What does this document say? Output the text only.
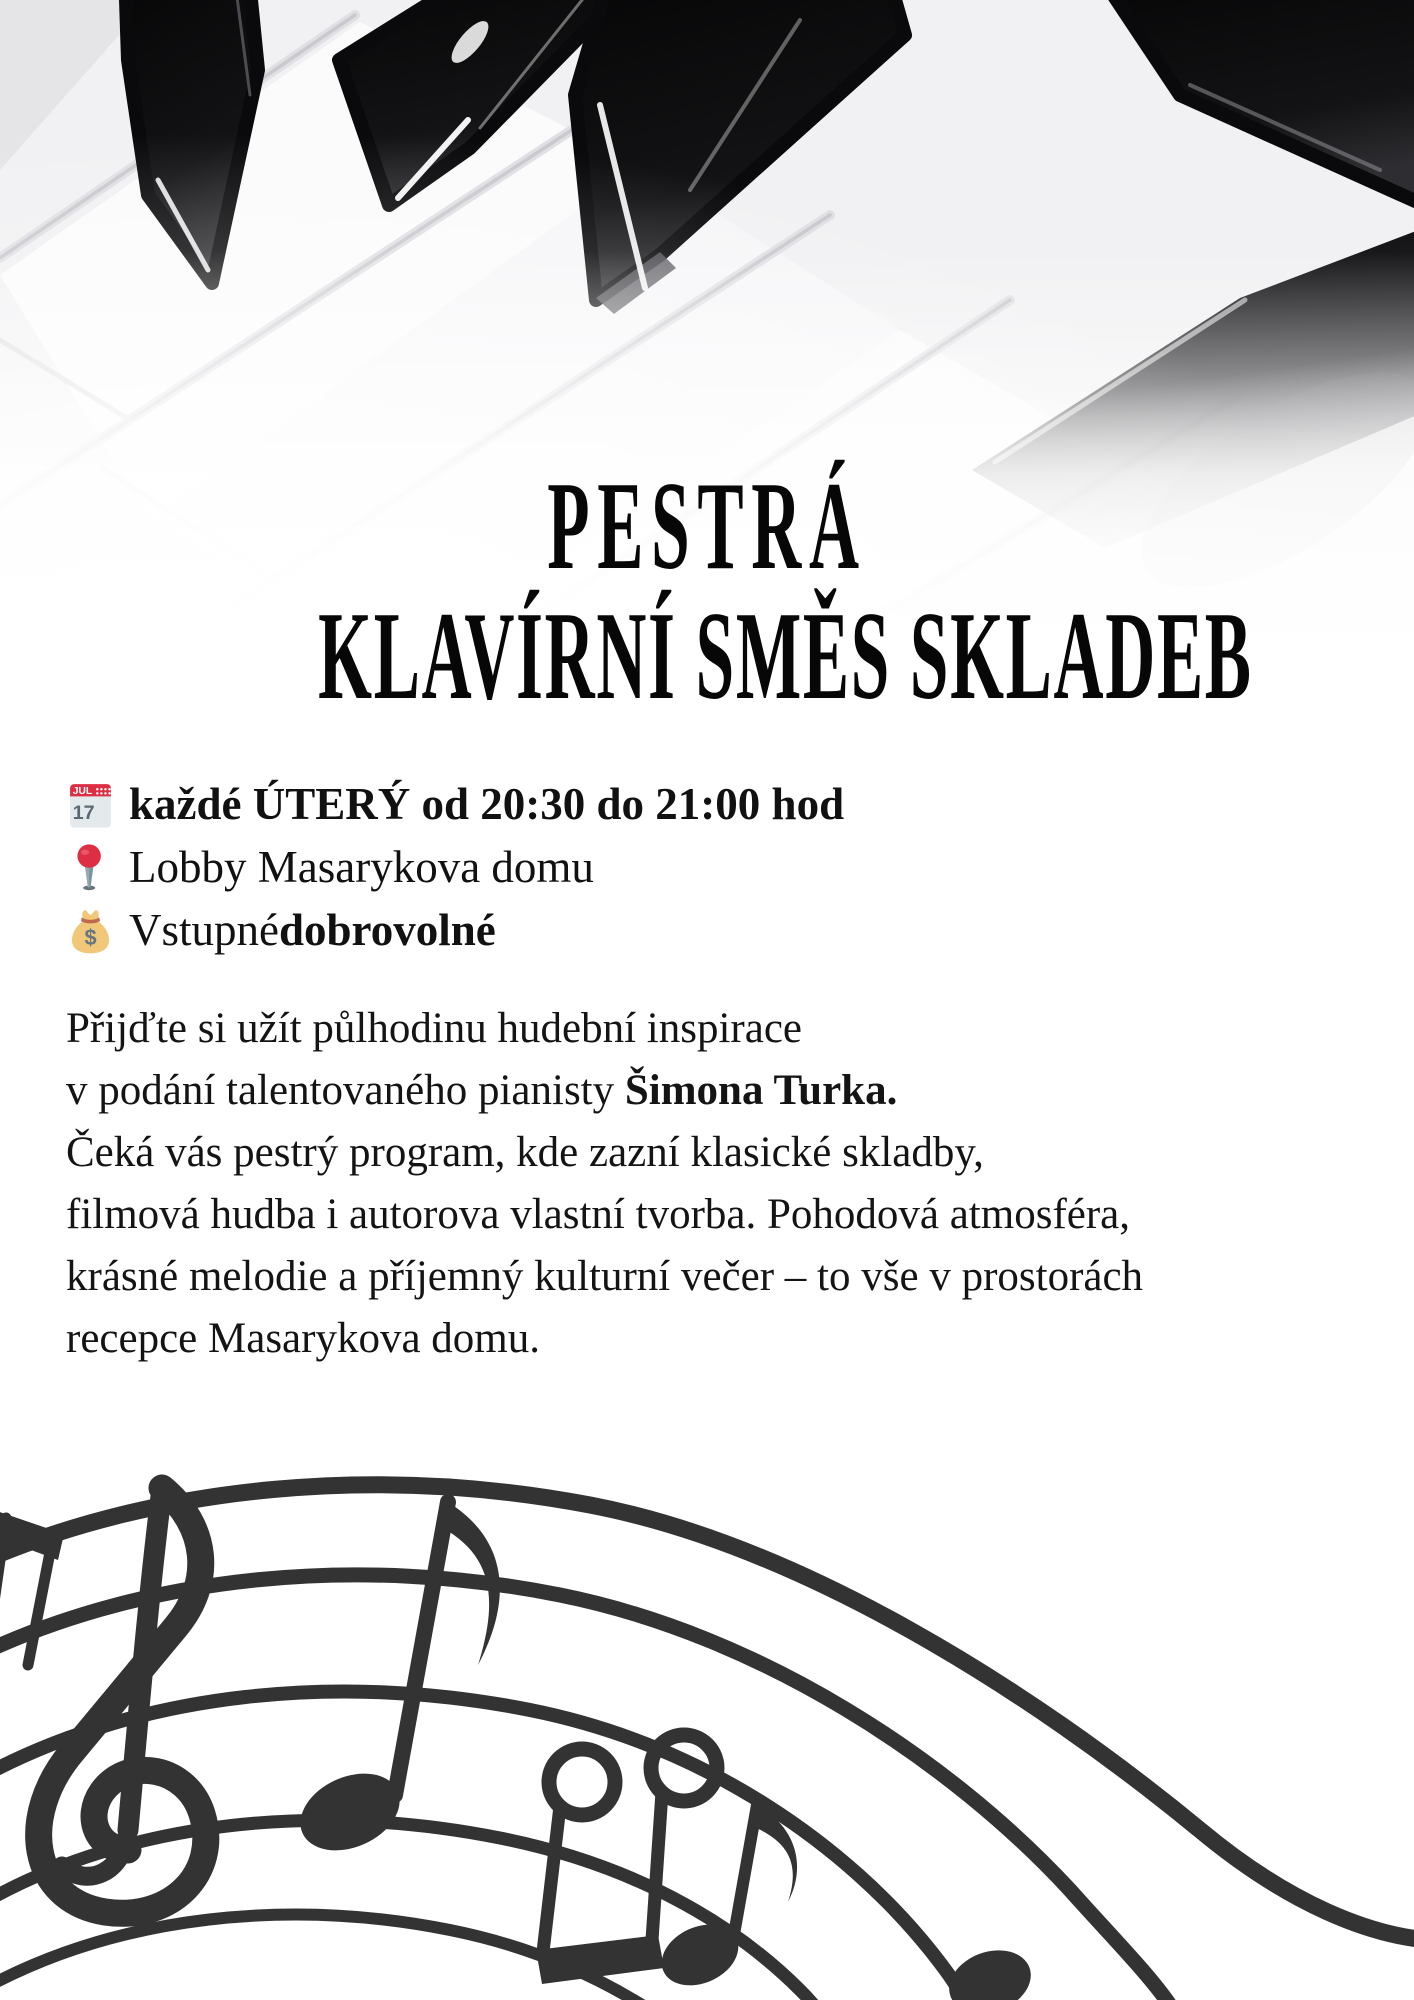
PESTRÁ
KLAVÍRNÍ SMĚS SKLADEB
JUL
17 každé ÚTERÝ od 20:30 do 21:00 hod
Lobby Masarykova domu
$ Vstupné dobrovolné
Přijďte si užít půlhodinu hudební inspirace
v podání talentovaného pianisty Šimona Turka.
Čeká vás pestrý program, kde zazní klasické skladby,
filmová hudba i autorova vlastní tvorba. Pohodová atmosféra,
krásné melodie a příjemný kulturní večer – to vše v prostorách
recepce Masarykova domu.
